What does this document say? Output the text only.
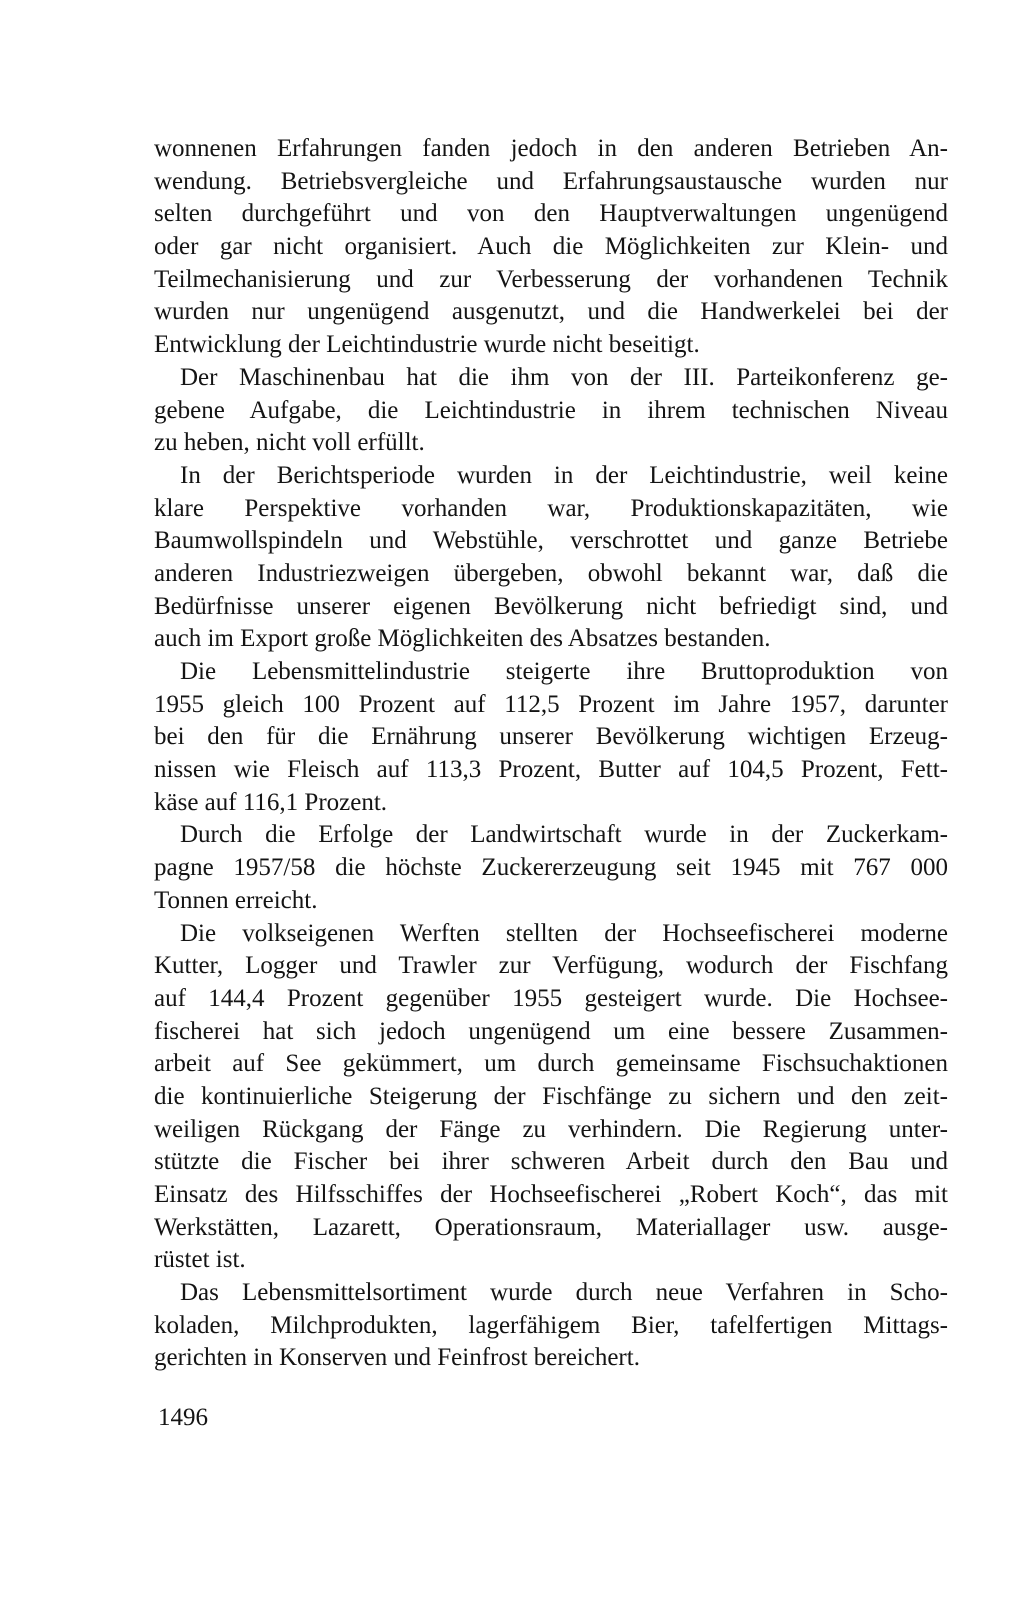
wonnenen Erfahrungen fanden jedoch in den anderen Betrieben An-
wendung. Betriebsvergleiche und Erfahrungsaustausche wurden nur
selten durchgeführt und von den Hauptverwaltungen ungenügend
oder gar nicht organisiert. Auch die Möglichkeiten zur Klein- und
Teilmechanisierung und zur Verbesserung der vorhandenen Technik
wurden nur ungenügend ausgenutzt, und die Handwerkelei bei der
Entwicklung der Leichtindustrie wurde nicht beseitigt.
Der Maschinenbau hat die ihm von der III. Parteikonferenz ge-
gebene Aufgabe, die Leichtindustrie in ihrem technischen Niveau
zu heben, nicht voll erfüllt.
In der Berichtsperiode wurden in der Leichtindustrie, weil keine
klare Perspektive vorhanden war, Produktionskapazitäten, wie
Baumwollspindeln und Webstühle, verschrottet und ganze Betriebe
anderen Industriezweigen übergeben, obwohl bekannt war, daß die
Bedürfnisse unserer eigenen Bevölkerung nicht befriedigt sind, und
auch im Export große Möglichkeiten des Absatzes bestanden.
Die Lebensmittelindustrie steigerte ihre Bruttoproduktion von
1955 gleich 100 Prozent auf 112,5 Prozent im Jahre 1957, darunter
bei den für die Ernährung unserer Bevölkerung wichtigen Erzeug-
nissen wie Fleisch auf 113,3 Prozent, Butter auf 104,5 Prozent, Fett-
käse auf 116,1 Prozent.
Durch die Erfolge der Landwirtschaft wurde in der Zuckerkam-
pagne 1957/58 die höchste Zuckererzeugung seit 1945 mit 767 000
Tonnen erreicht.
Die volkseigenen Werften stellten der Hochseefischerei moderne
Kutter, Logger und Trawler zur Verfügung, wodurch der Fischfang
auf 144,4 Prozent gegenüber 1955 gesteigert wurde. Die Hochsee-
fischerei hat sich jedoch ungenügend um eine bessere Zusammen-
arbeit auf See gekümmert, um durch gemeinsame Fischsuchaktionen
die kontinuierliche Steigerung der Fischfänge zu sichern und den zeit-
weiligen Rückgang der Fänge zu verhindern. Die Regierung unter-
stützte die Fischer bei ihrer schweren Arbeit durch den Bau und
Einsatz des Hilfsschiffes der Hochseefischerei „Robert Koch“, das mit
Werkstätten, Lazarett, Operationsraum, Materiallager usw. ausge-
rüstet ist.
Das Lebensmittelsortiment wurde durch neue Verfahren in Scho-
koladen, Milchprodukten, lagerfähigem Bier, tafelfertigen Mittags-
gerichten in Konserven und Feinfrost bereichert.
1496
